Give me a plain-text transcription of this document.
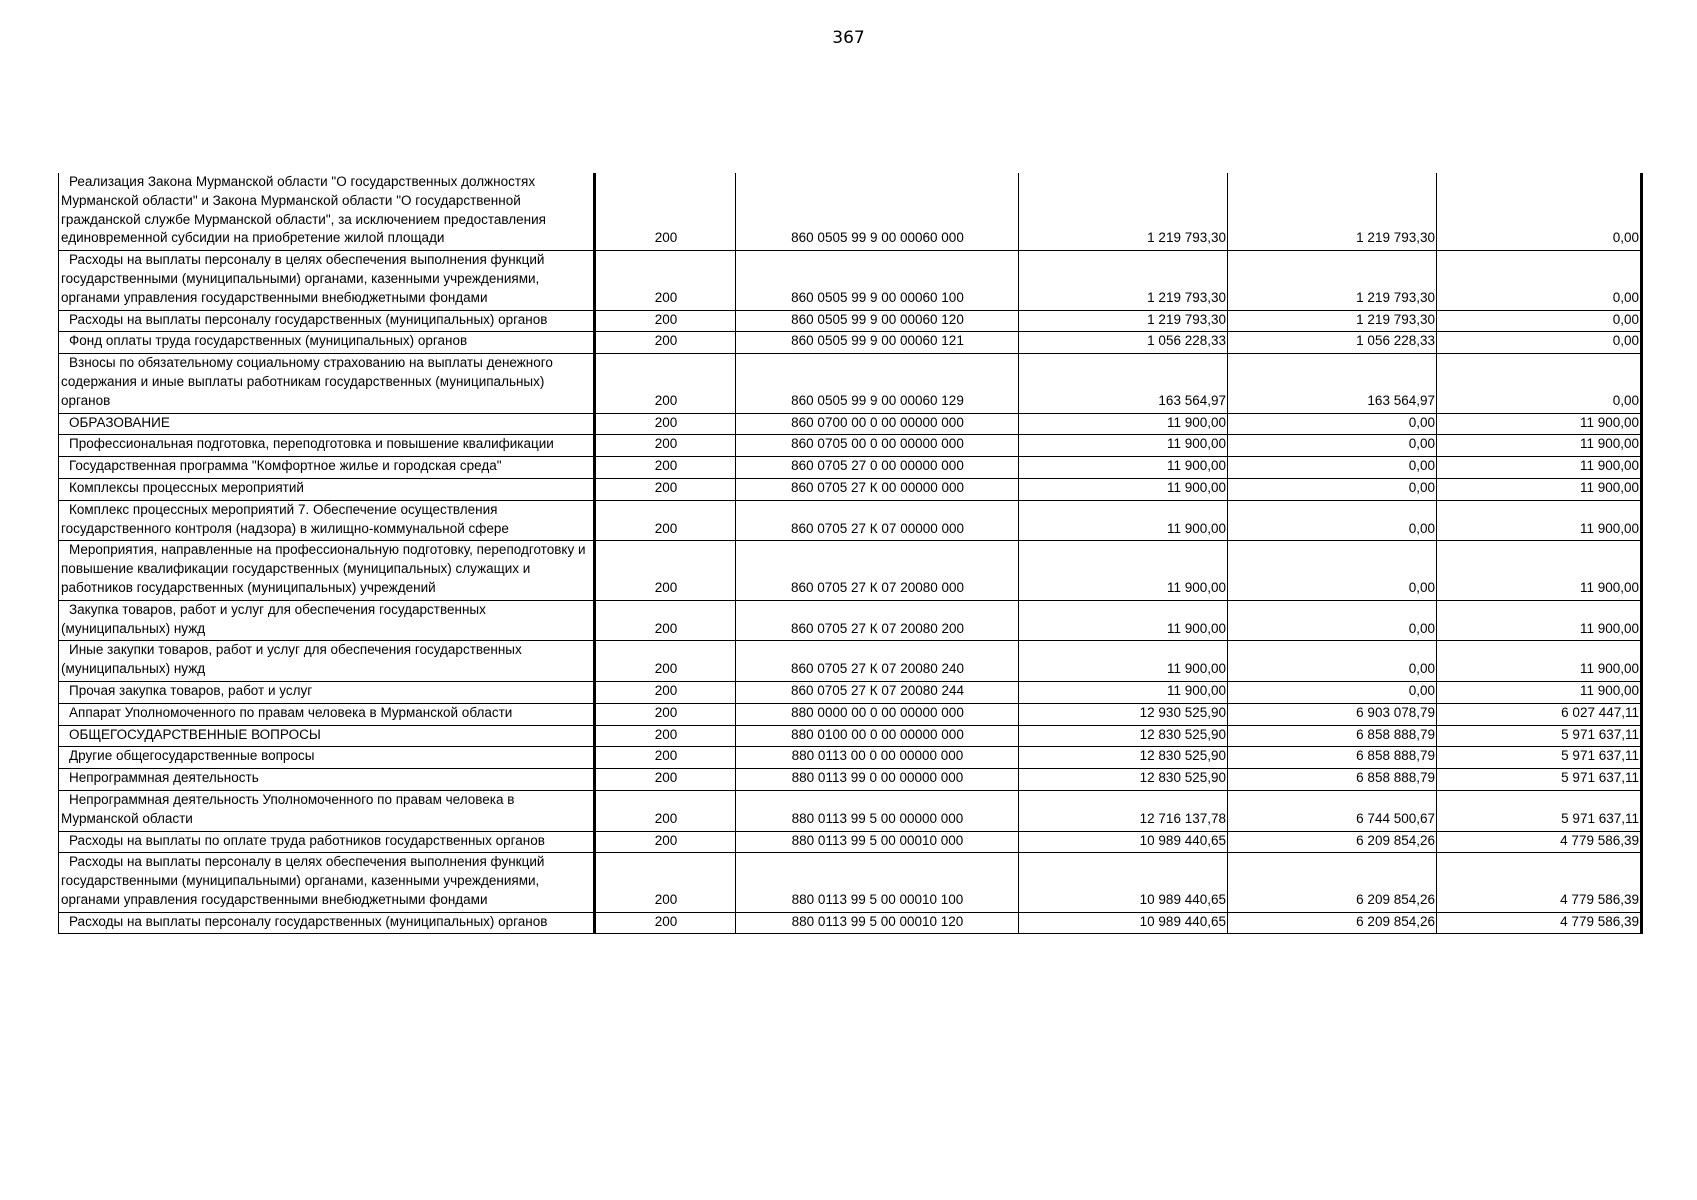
367
Реализация Закона Мурманской области "О государственных должностях Мурманской области" и Закона Мурманской области "О государственной гражданской службе Мурманской области", за исключением предоставления единовременной субсидии на приобретение жилой площади	200	860 0505 99 9 00 00060 000	1 219 793,30	1 219 793,30	0,00

Расходы на выплаты персоналу в целях обеспечения выполнения функций государственными (муниципальными) органами, казенными учреждениями, органами управления государственными внебюджетными фондами	200	860 0505 99 9 00 00060 100	1 219 793,30	1 219 793,30	0,00

Расходы на выплаты персоналу государственных (муниципальных) органов	200	860 0505 99 9 00 00060 120	1 219 793,30	1 219 793,30	0,00

Фонд оплаты труда государственных (муниципальных) органов	200	860 0505 99 9 00 00060 121	1 056 228,33	1 056 228,33	0,00

Взносы по обязательному социальному страхованию на выплаты денежного содержания и иные выплаты работникам государственных (муниципальных) органов	200	860 0505 99 9 00 00060 129	163 564,97	163 564,97	0,00

ОБРАЗОВАНИЕ	200	860 0700 00 0 00 00000 000	11 900,00	0,00	11 900,00

Профессиональная подготовка, переподготовка и повышение квалификации	200	860 0705 00 0 00 00000 000	11 900,00	0,00	11 900,00

Государственная программа "Комфортное жилье и городская среда"	200	860 0705 27 0 00 00000 000	11 900,00	0,00	11 900,00

Комплексы процессных мероприятий	200	860 0705 27 К 00 00000 000	11 900,00	0,00	11 900,00

Комплекс процессных мероприятий 7. Обеспечение осуществления государственного контроля (надзора) в жилищно-коммунальной сфере	200	860 0705 27 К 07 00000 000	11 900,00	0,00	11 900,00

Мероприятия, направленные на профессиональную подготовку, переподготовку и повышение квалификации государственных (муниципальных) служащих и работников государственных (муниципальных) учреждений	200	860 0705 27 К 07 20080 000	11 900,00	0,00	11 900,00

Закупка товаров, работ и услуг для обеспечения государственных (муниципальных) нужд	200	860 0705 27 К 07 20080 200	11 900,00	0,00	11 900,00

Иные закупки товаров, работ и услуг для обеспечения государственных (муниципальных) нужд	200	860 0705 27 К 07 20080 240	11 900,00	0,00	11 900,00

Прочая закупка товаров, работ и услуг	200	860 0705 27 К 07 20080 244	11 900,00	0,00	11 900,00

Аппарат Уполномоченного по правам человека в Мурманской области	200	880 0000 00 0 00 00000 000	12 930 525,90	6 903 078,79	6 027 447,11

ОБЩЕГОСУДАРСТВЕННЫЕ ВОПРОСЫ	200	880 0100 00 0 00 00000 000	12 830 525,90	6 858 888,79	5 971 637,11

Другие общегосударственные вопросы	200	880 0113 00 0 00 00000 000	12 830 525,90	6 858 888,79	5 971 637,11

Непрограммная деятельность	200	880 0113 99 0 00 00000 000	12 830 525,90	6 858 888,79	5 971 637,11

Непрограммная деятельность Уполномоченного по правам человека в Мурманской области	200	880 0113 99 5 00 00000 000	12 716 137,78	6 744 500,67	5 971 637,11

Расходы на выплаты по оплате труда работников государственных органов	200	880 0113 99 5 00 00010 000	10 989 440,65	6 209 854,26	4 779 586,39

Расходы на выплаты персоналу в целях обеспечения выполнения функций государственными (муниципальными) органами, казенными учреждениями, органами управления государственными внебюджетными фондами	200	880 0113 99 5 00 00010 100	10 989 440,65	6 209 854,26	4 779 586,39

Расходы на выплаты персоналу государственных (муниципальных) органов	200	880 0113 99 5 00 00010 120	10 989 440,65	6 209 854,26	4 779 586,39
